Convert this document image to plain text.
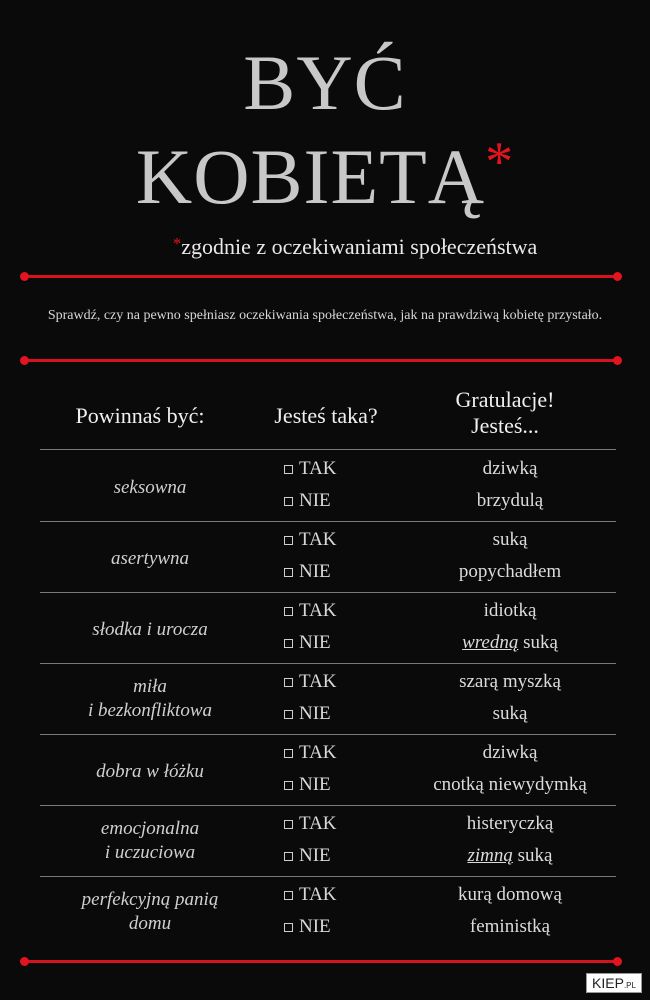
BYĆ
KOBIETĄ*
*zgodnie z oczekiwaniami społeczeństwa
Sprawdź, czy na pewno spełniasz oczekiwania społeczeństwa, jak na prawdziwą kobietę przystało.
Powinnaś być:	Jesteś taka?
Gratulacje!
Jesteś...
seksowna
TAK
NIE
dziwką
brzydulą
asertywna
TAK
NIE
suką
popychadłem
słodka i urocza
TAK
NIE
idiotką
wredną suką
miła
i bezkonfliktowa
TAK
NIE
szarą myszką
suką
dobra w łóżku
TAK
NIE
dziwką
cnotką niewydymką
emocjonalna
i uczuciowa
TAK
NIE
histeryczką
zimną suką
perfekcyjną panią
domu
TAK
NIE
kurą domową
feministką
KIEP.PL
